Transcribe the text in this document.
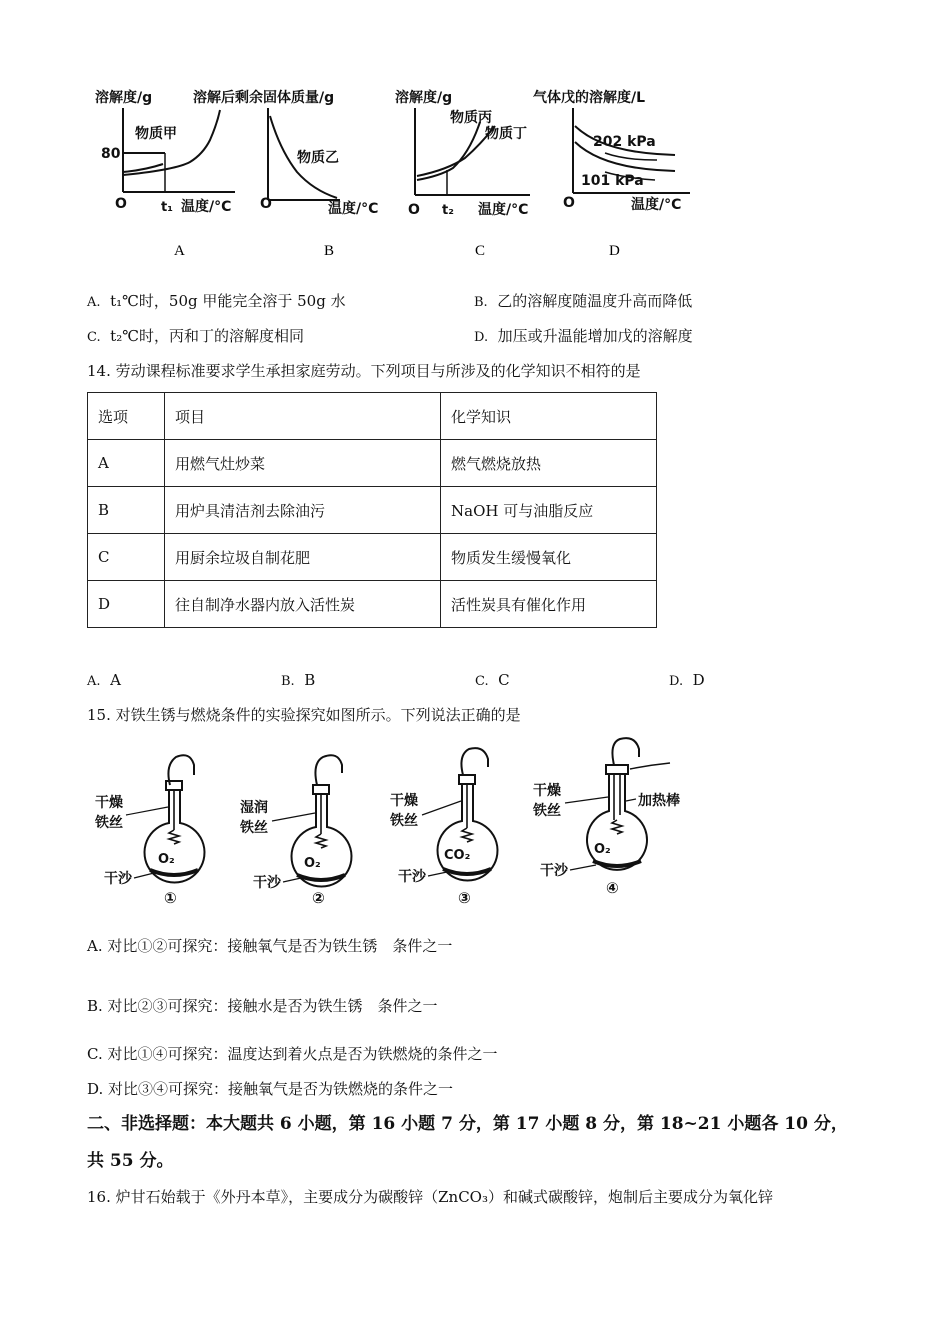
溶解度/g
物质甲
80
O	t₁ 温度/°C
A
溶解后剩余固体质量/g
物质乙
O	温度/°C
B
溶解度/g
物质丙
物质丁
O t₂ 温度/°C
C
气体戊的溶解度/L
202 kPa
101 kPa
O	温度/°C
D
A. t₁℃时，50g 甲能完全溶于 50g 水	B. 乙的溶解度随温度升高而降低
C. t₂℃时，丙和丁的溶解度相同	D. 加压或升温能增加戊的溶解度
14. 劳动课程标准要求学生承担家庭劳动。下列项目与所涉及的化学知识不相符的是
选项	项目	化学知识
A	用燃气灶炒菜	燃气燃烧放热
B	用炉具清洁剂去除油污	NaOH 可与油脂反应
C	用厨余垃圾自制花肥	物质发生缓慢氧化
D	往自制净水器内放入活性炭	活性炭具有催化作用
A. A	B. B	C. C	D. D
15. 对铁生锈与燃烧条件的实验探究如图所示。下列说法正确的是
干燥
铁丝
O₂
干沙
①
湿润
铁丝
O₂
干沙
②
干燥
铁丝
CO₂
干沙
③
干燥
铁丝
加热棒
O₂
干沙
④
A. 对比①②可探究：接触氧气是否为铁生锈　条件之一
B. 对比②③可探究：接触水是否为铁生锈　条件之一
C. 对比①④可探究：温度达到着火点是否为铁燃烧的条件之一
D. 对比③④可探究：接触氧气是否为铁燃烧的条件之一
二、非选择题：本大题共 6 小题，第 16 小题 7 分，第 17 小题 8 分，第 18~21 小题各 10 分，
共 55 分。
16. 炉甘石始载于《外丹本草》，主要成分为碳酸锌（ZnCO₃）和碱式碳酸锌，炮制后主要成分为氧化锌
